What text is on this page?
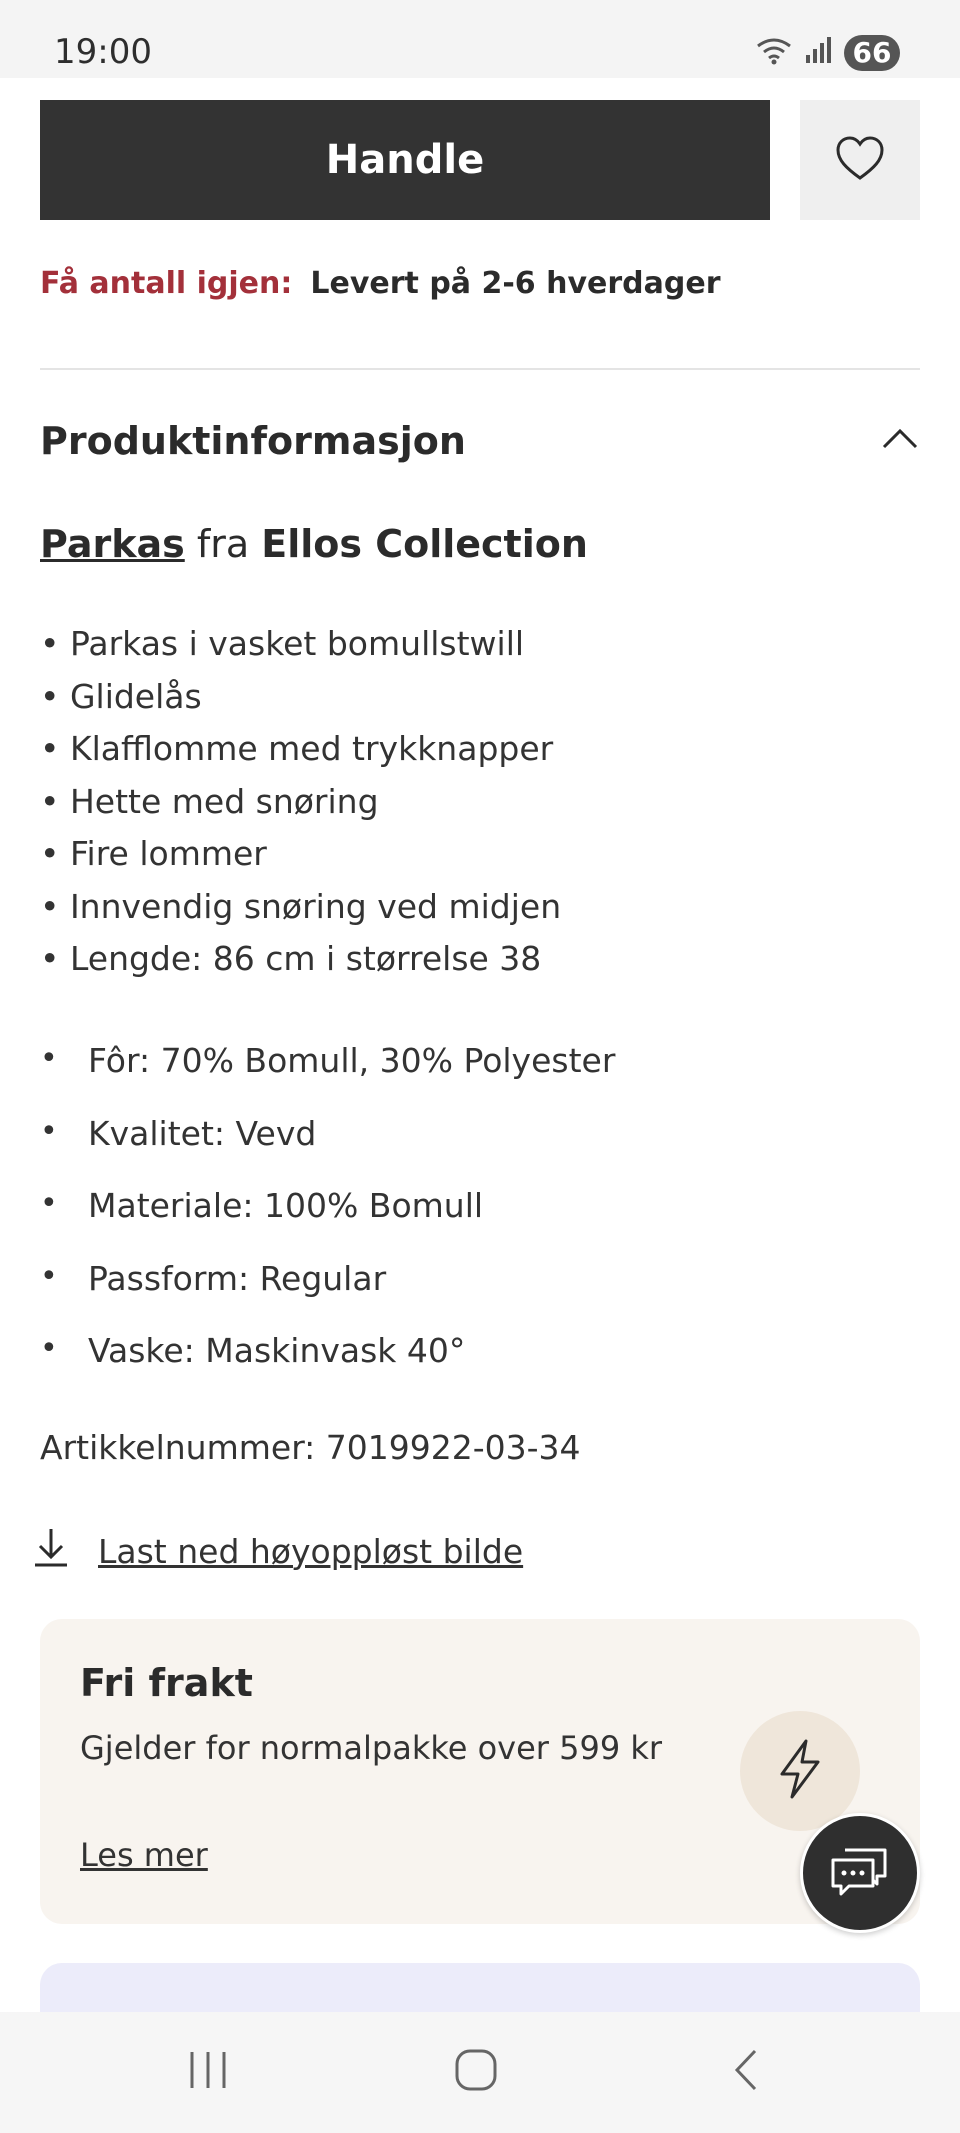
19:00	66
Handle
Få antall igjen: Levert på 2-6 hverdager
Produktinformasjon
Parkas fra Ellos Collection
• Parkas i vasket bomullstwill
• Glidelås
• Klafflomme med trykknapper
• Hette med snøring
• Fire lommer
• Innvendig snøring ved midjen
• Lengde: 86 cm i størrelse 38
• Fôr: 70% Bomull, 30% Polyester
• Kvalitet: Vevd
• Materiale: 100% Bomull
• Passform: Regular
• Vaske: Maskinvask 40°
Artikkelnummer: 7019922-03-34
Last ned høyoppløst bilde
Fri frakt
Gjelder for normalpakke over 599 kr
Les mer
